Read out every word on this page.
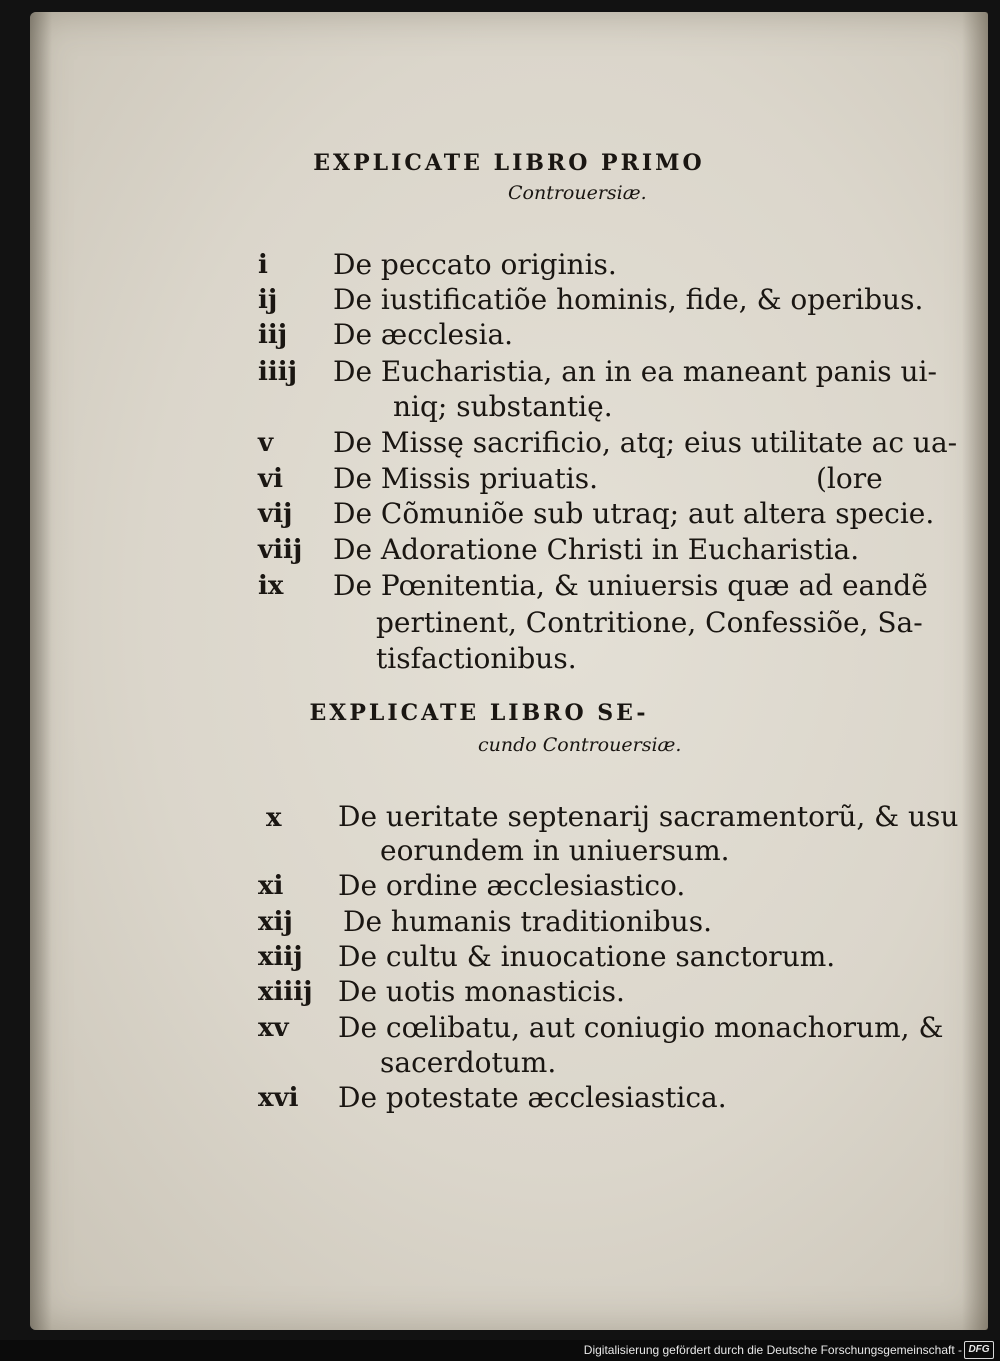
EXPLICATE LIBRO PRIMO
Controuersiæ.
i De peccato originis.
ij De iustificatiõe hominis, fide, & operibus.
iij De æcclesia.
iiij De Eucharistia, an in ea maneant panis ui-
niq; substantię.
v De Missę sacrificio, atq; eius utilitate ac ua-
vi De Missis priuatis.	(lore
vij De Cõmuniõe sub utraq; aut altera specie.
viij De Adoratione Christi in Eucharistia.
ix De Pœnitentia, & uniuersis quæ ad eandẽ
pertinent, Contritione, Confessiõe, Sa-
tisfactionibus.
EXPLICATE LIBRO SE-
cundo Controuersiæ.
x De ueritate septenarij sacramentorũ, & usu
eorundem in uniuersum.
xi De ordine æcclesiastico.
xij De humanis traditionibus.
xiij De cultu & inuocatione sanctorum.
xiiij De uotis monasticis.
xv De cœlibatu, aut coniugio monachorum, &
sacerdotum.
xvi De potestate æcclesiastica.
Digitalisierung gefördert durch die Deutsche Forschungsgemeinschaft - DFG
